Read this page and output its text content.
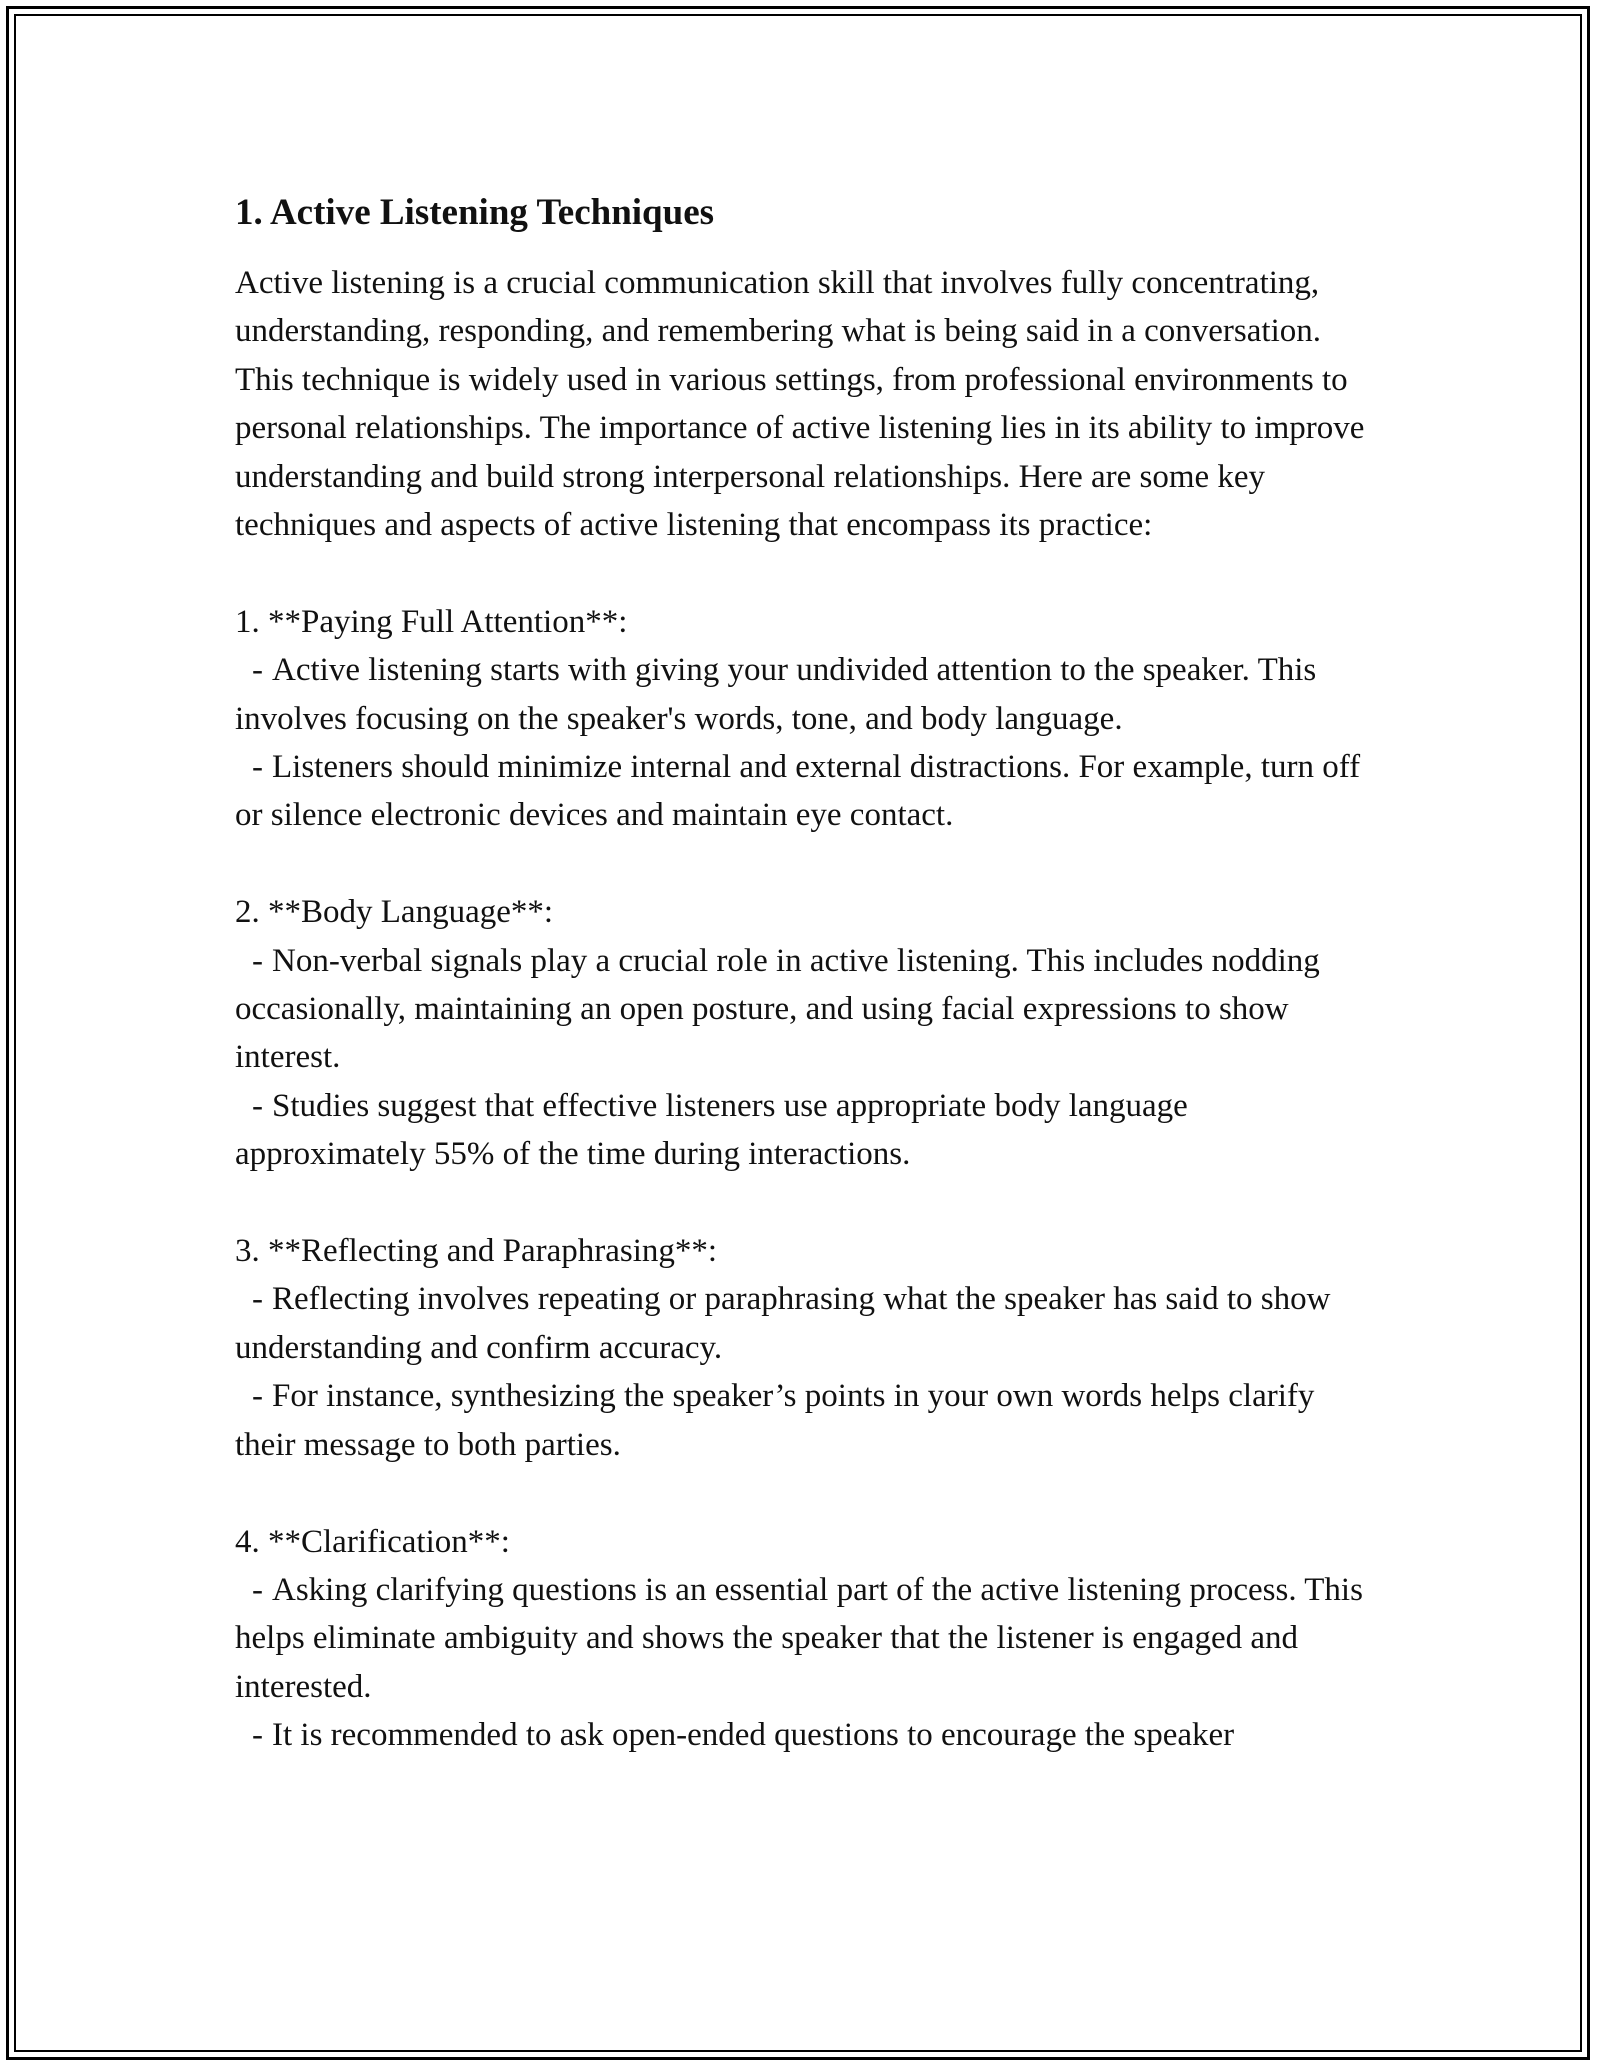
1. Active Listening Techniques

Active listening is a crucial communication skill that involves fully concentrating, understanding, responding, and remembering what is being said in a conversation. This technique is widely used in various settings, from professional environments to personal relationships. The importance of active listening lies in its ability to improve understanding and build strong interpersonal relationships. Here are some key techniques and aspects of active listening that encompass its practice:

1. **Paying Full Attention**:

- Active listening starts with giving your undivided attention to the speaker. This involves focusing on the speaker's words, tone, and body language.

- Listeners should minimize internal and external distractions. For example, turn off or silence electronic devices and maintain eye contact.

2. **Body Language**:

- Non-verbal signals play a crucial role in active listening. This includes nodding occasionally, maintaining an open posture, and using facial expressions to show interest.

- Studies suggest that effective listeners use appropriate body language approximately 55% of the time during interactions.

3. **Reflecting and Paraphrasing**:

- Reflecting involves repeating or paraphrasing what the speaker has said to show understanding and confirm accuracy.

- For instance, synthesizing the speaker’s points in your own words helps clarify their message to both parties.

4. **Clarification**:

- Asking clarifying questions is an essential part of the active listening process. This helps eliminate ambiguity and shows the speaker that the listener is engaged and interested.

- It is recommended to ask open-ended questions to encourage the speaker
